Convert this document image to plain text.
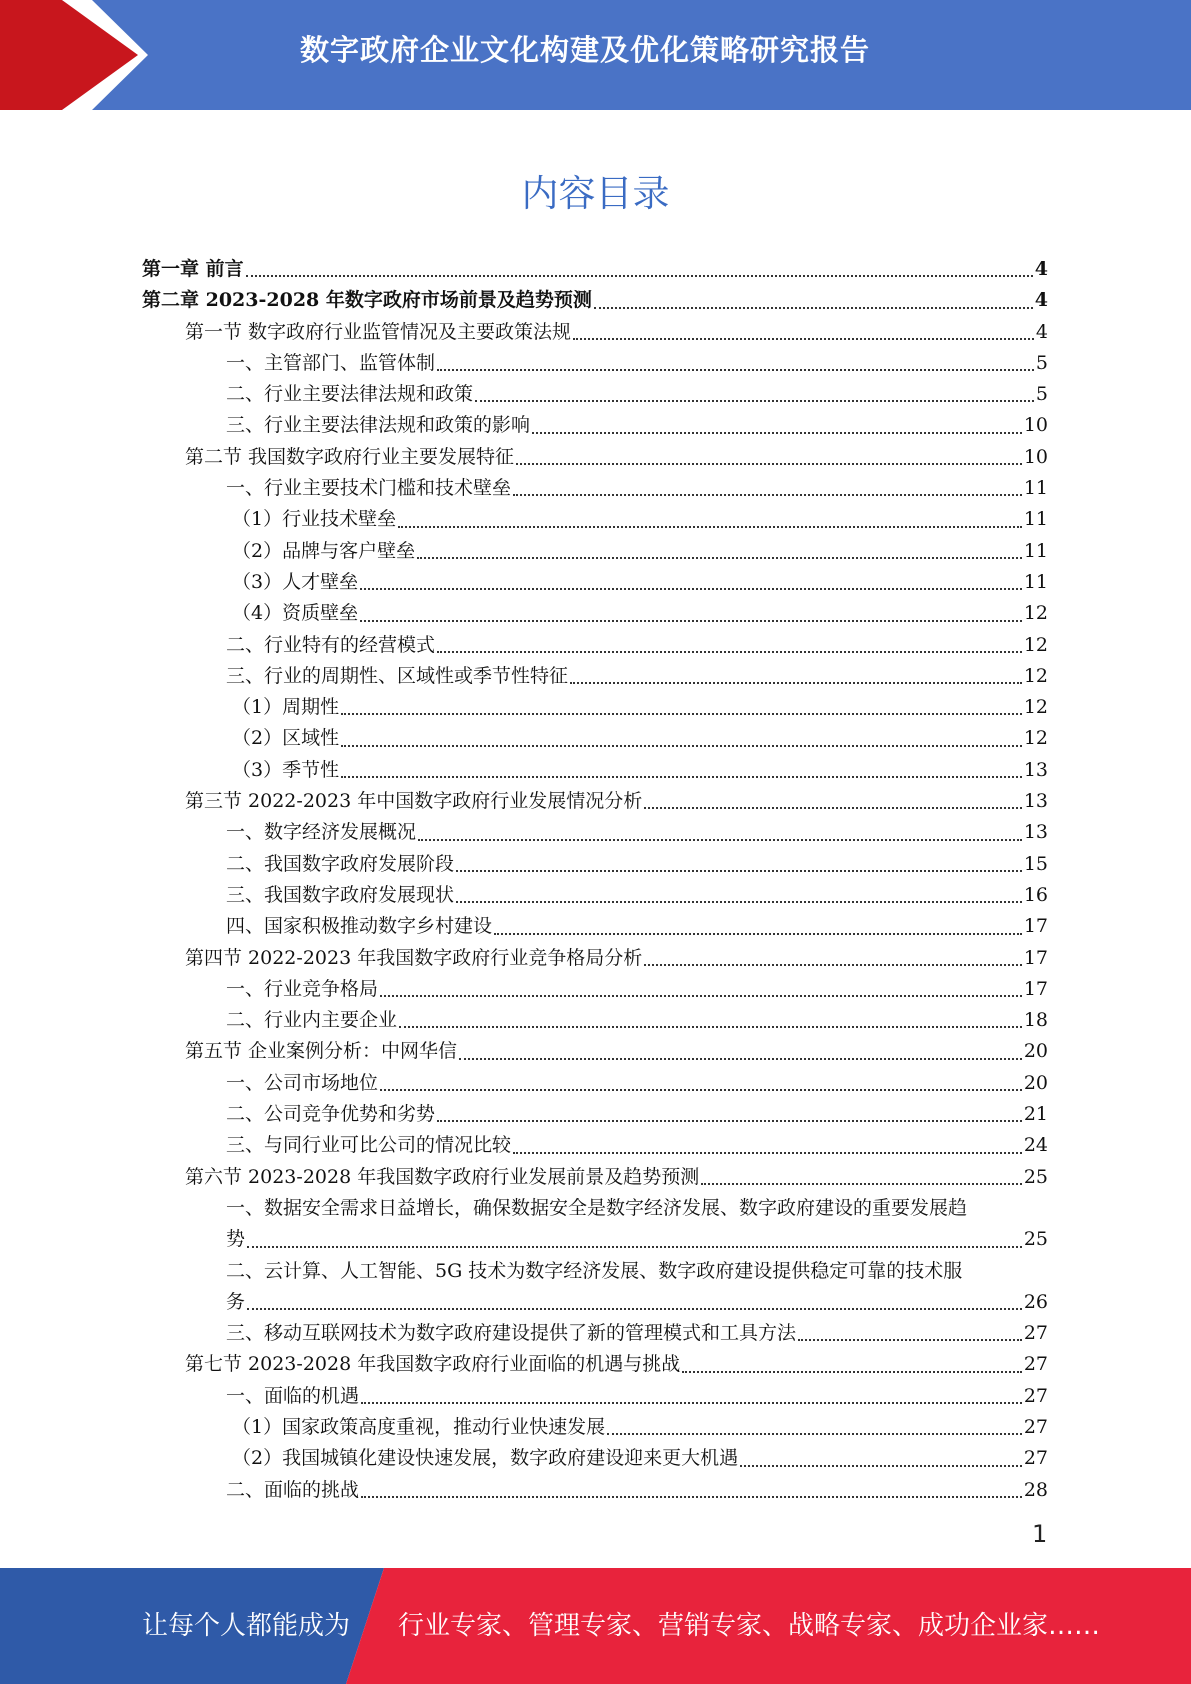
数字政府企业文化构建及优化策略研究报告
内容目录
第一章 前言	4
第二章 2023-2028 年数字政府市场前景及趋势预测	4
第一节 数字政府行业监管情况及主要政策法规	4
一、主管部门、监管体制	5
二、行业主要法律法规和政策	5
三、行业主要法律法规和政策的影响	10
第二节 我国数字政府行业主要发展特征	10
一、行业主要技术门槛和技术壁垒	11
（1）行业技术壁垒	11
（2）品牌与客户壁垒	11
（3）人才壁垒	11
（4）资质壁垒	12
二、行业特有的经营模式	12
三、行业的周期性、区域性或季节性特征	12
（1）周期性	12
（2）区域性	12
（3）季节性	13
第三节 2022-2023 年中国数字政府行业发展情况分析	13
一、数字经济发展概况	13
二、我国数字政府发展阶段	15
三、我国数字政府发展现状	16
四、国家积极推动数字乡村建设	17
第四节 2022-2023 年我国数字政府行业竞争格局分析	17
一、行业竞争格局	17
二、行业内主要企业	18
第五节 企业案例分析：中网华信	20
一、公司市场地位	20
二、公司竞争优势和劣势	21
三、与同行业可比公司的情况比较	24
第六节 2023-2028 年我国数字政府行业发展前景及趋势预测	25
一、数据安全需求日益增长，确保数据安全是数字经济发展、数字政府建设的重要发展趋
势	25
二、云计算、人工智能、5G 技术为数字经济发展、数字政府建设提供稳定可靠的技术服
务	26
三、移动互联网技术为数字政府建设提供了新的管理模式和工具方法	27
第七节 2023-2028 年我国数字政府行业面临的机遇与挑战	27
一、面临的机遇	27
（1）国家政策高度重视，推动行业快速发展	27
（2）我国城镇化建设快速发展，数字政府建设迎来更大机遇	27
二、面临的挑战	28
1
让每个人都能成为 行业专家、管理专家、营销专家、战略专家、成功企业家……
